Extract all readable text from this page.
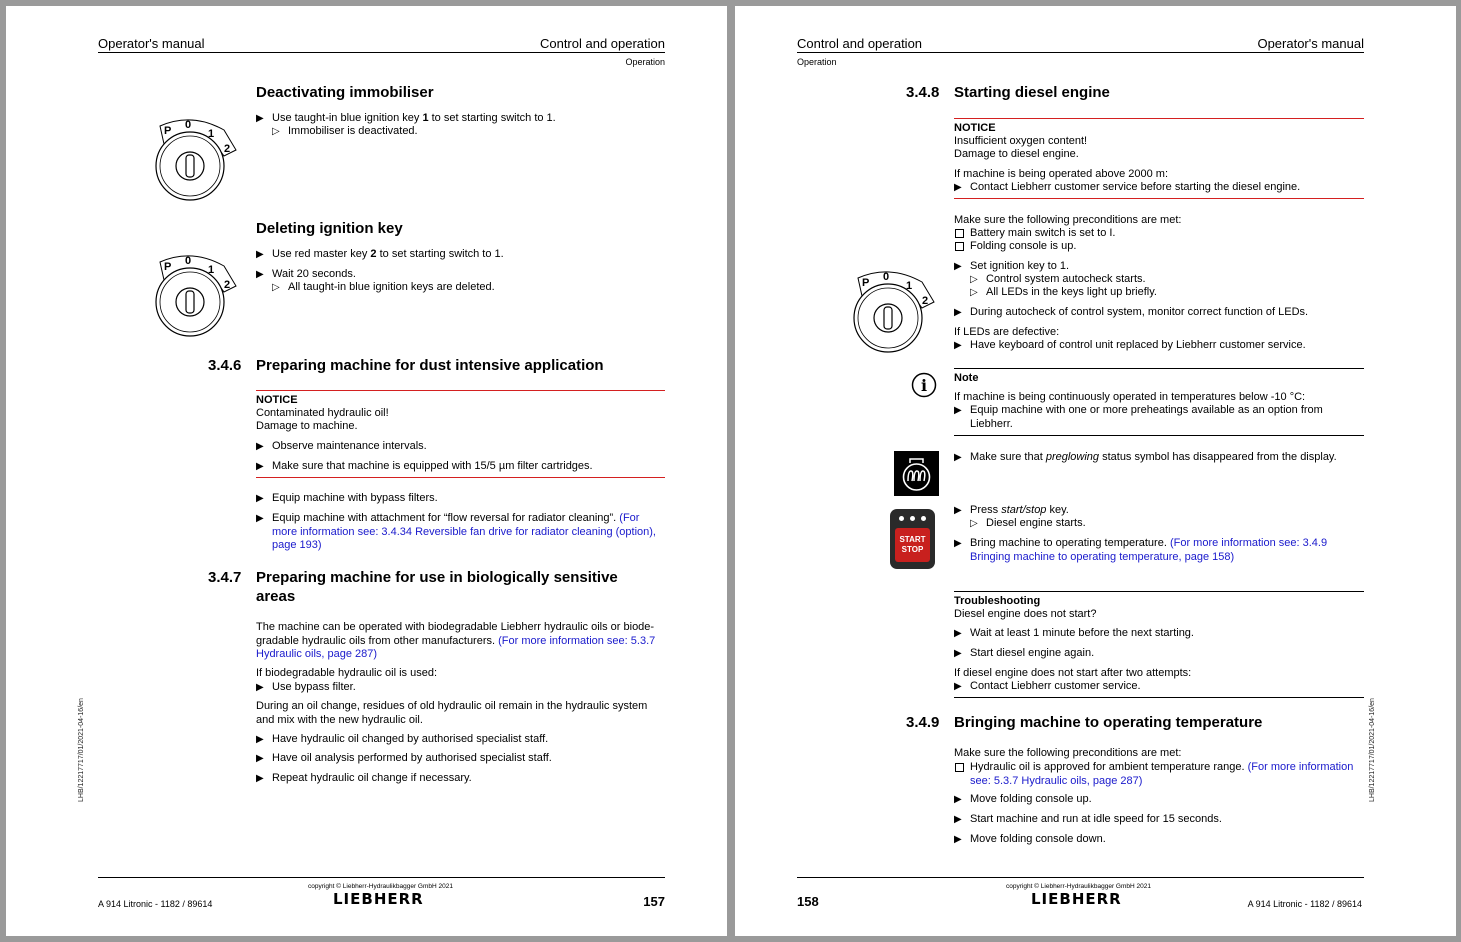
Operator's manual	Control and operation
Operation
P 0
1
2
Deactivating immobiliser
▶ Use taught-in blue ignition key 1 to set starting switch to 1.
▷ Immobiliser is deactivated.
P 0
1
2
Deleting ignition key
▶ Use red master key 2 to set starting switch to 1.
▶ Wait 20 seconds.
▷ All taught-in blue ignition keys are deleted.
3.4.6 Preparing machine for dust intensive application
NOTICE
Contaminated hydraulic oil!
Damage to machine.
▶ Observe maintenance intervals.
▶ Make sure that machine is equipped with 15/5 µm filter cartridges.
▶ Equip machine with bypass filters.
▶ Equip machine with attachment for “flow reversal for radiator cleaning”. (For more information see: 3.4.34 Reversible fan drive for radiator cleaning (option), page 193)
3.4.7 Preparing machine for use in biologically sensitive
areas
The machine can be operated with biodegradable Liebherr hydraulic oils or biode-gradable hydraulic oils from other manufacturers. (For more information see: 5.3.7 Hydraulic oils, page 287)
If biodegradable hydraulic oil is used:
▶ Use bypass filter.
During an oil change, residues of old hydraulic oil remain in the hydraulic system and mix with the new hydraulic oil.
▶ Have hydraulic oil changed by authorised specialist staff.
▶ Have oil analysis performed by authorised specialist staff.
▶ Repeat hydraulic oil change if necessary.
LHB/12217717/01/2021-04-16/en
copyright © Liebherr-Hydraulikbagger GmbH 2021
LIEBHERR
A 914 Litronic - 1182 / 89614	157
Control and operation	Operator's manual
Operation
3.4.8 Starting diesel engine
NOTICE
Insufficient oxygen content!
Damage to diesel engine.
If machine is being operated above 2000 m:
▶ Contact Liebherr customer service before starting the diesel engine.
Make sure the following preconditions are met:
Battery main switch is set to I.
Folding console is up.
P 0
1
2
▶ Set ignition key to 1.
▷ Control system autocheck starts.
▷ All LEDs in the keys light up briefly.
▶ During autocheck of control system, monitor correct function of LEDs.
If LEDs are defective:
▶ Have keyboard of control unit replaced by Liebherr customer service.
i Note
If machine is being continuously operated in temperatures below -10 °C:
▶ Equip machine with one or more preheatings available as an option from Liebherr.
▶ Make sure that preglowing status symbol has disappeared from the display.
START
STOP
▶ Press start/stop key.
▷ Diesel engine starts.
▶ Bring machine to operating temperature. (For more information see: 3.4.9 Bringing machine to operating temperature, page 158)
Troubleshooting
Diesel engine does not start?
▶ Wait at least 1 minute before the next starting.
▶ Start diesel engine again.
If diesel engine does not start after two attempts:
▶ Contact Liebherr customer service.
3.4.9 Bringing machine to operating temperature
Make sure the following preconditions are met:
Hydraulic oil is approved for ambient temperature range. (For more information see: 5.3.7 Hydraulic oils, page 287)
▶ Move folding console up.
▶ Start machine and run at idle speed for 15 seconds.
▶ Move folding console down.
LHB/12217717/01/2021-04-16/en
copyright © Liebherr-Hydraulikbagger GmbH 2021
LIEBHERR
158	A 914 Litronic - 1182 / 89614
